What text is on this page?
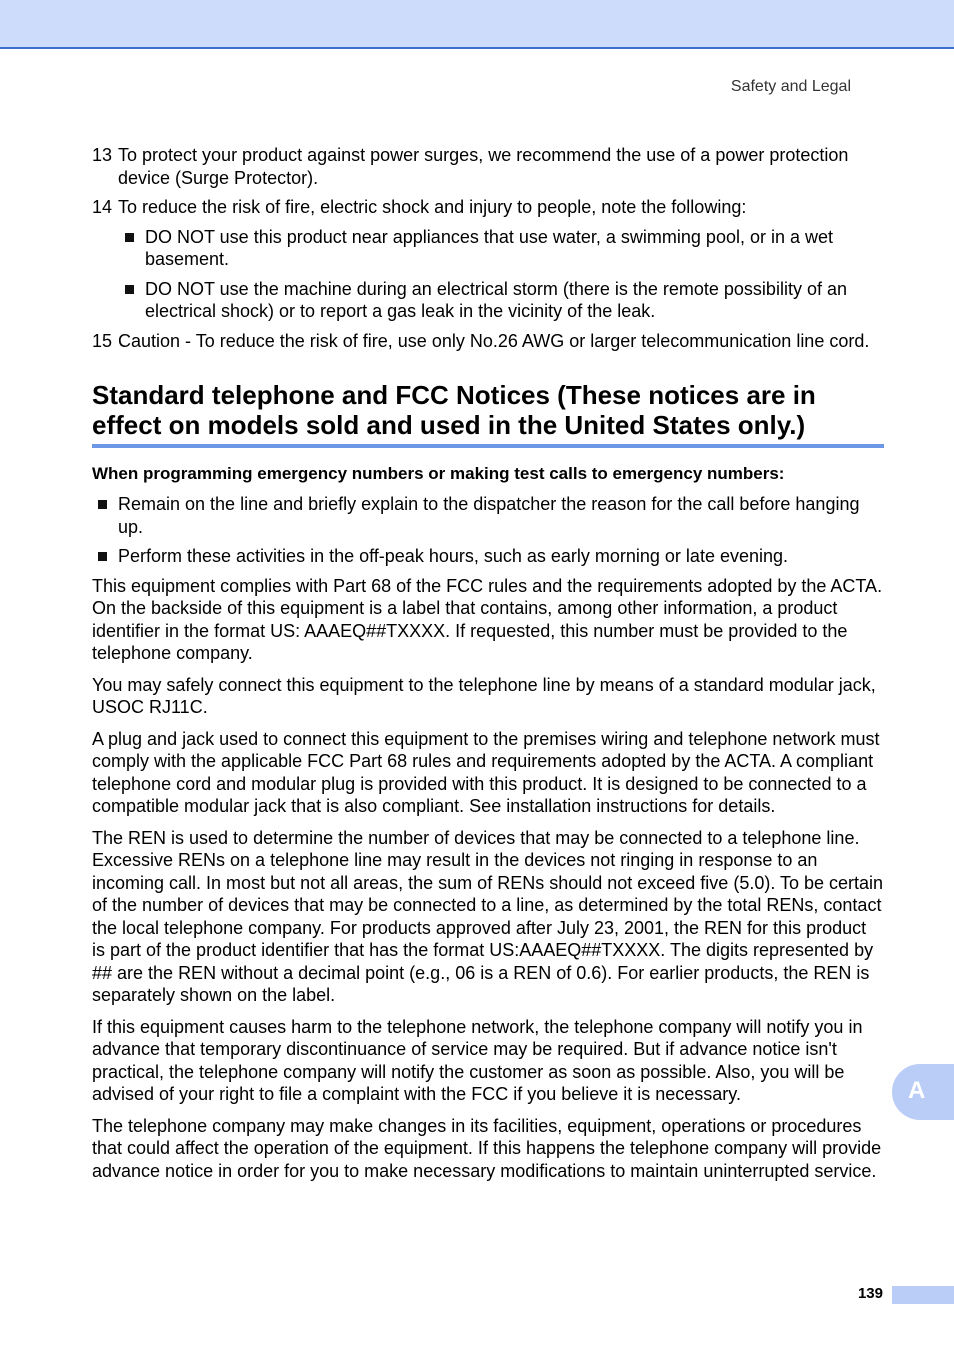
Safety and Legal
13 To protect your product against power surges, we recommend the use of a power protection device (Surge Protector).
14 To reduce the risk of fire, electric shock and injury to people, note the following:
DO NOT use this product near appliances that use water, a swimming pool, or in a wet basement.
DO NOT use the machine during an electrical storm (there is the remote possibility of an electrical shock) or to report a gas leak in the vicinity of the leak.
15 Caution - To reduce the risk of fire, use only No.26 AWG or larger telecommunication line cord.
Standard telephone and FCC Notices (These notices are in effect on models sold and used in the United States only.)
When programming emergency numbers or making test calls to emergency numbers:
Remain on the line and briefly explain to the dispatcher the reason for the call before hanging up.
Perform these activities in the off-peak hours, such as early morning or late evening.

This equipment complies with Part 68 of the FCC rules and the requirements adopted by the ACTA. On the backside of this equipment is a label that contains, among other information, a product identifier in the format US: AAAEQ##TXXXX. If requested, this number must be provided to the telephone company.

You may safely connect this equipment to the telephone line by means of a standard modular jack, USOC RJ11C.

A plug and jack used to connect this equipment to the premises wiring and telephone network must comply with the applicable FCC Part 68 rules and requirements adopted by the ACTA. A compliant telephone cord and modular plug is provided with this product. It is designed to be connected to a compatible modular jack that is also compliant. See installation instructions for details.

The REN is used to determine the number of devices that may be connected to a telephone line. Excessive RENs on a telephone line may result in the devices not ringing in response to an incoming call. In most but not all areas, the sum of RENs should not exceed five (5.0). To be certain of the number of devices that may be connected to a line, as determined by the total RENs, contact the local telephone company. For products approved after July 23, 2001, the REN for this product is part of the product identifier that has the format US:AAAEQ##TXXXX. The digits represented by ## are the REN without a decimal point (e.g., 06 is a REN of 0.6). For earlier products, the REN is separately shown on the label.

If this equipment causes harm to the telephone network, the telephone company will notify you in advance that temporary discontinuance of service may be required. But if advance notice isn't practical, the telephone company will notify the customer as soon as possible. Also, you will be advised of your right to file a complaint with the FCC if you believe it is necessary.

The telephone company may make changes in its facilities, equipment, operations or procedures that could affect the operation of the equipment. If this happens the telephone company will provide advance notice in order for you to make necessary modifications to maintain uninterrupted service.

A
139
